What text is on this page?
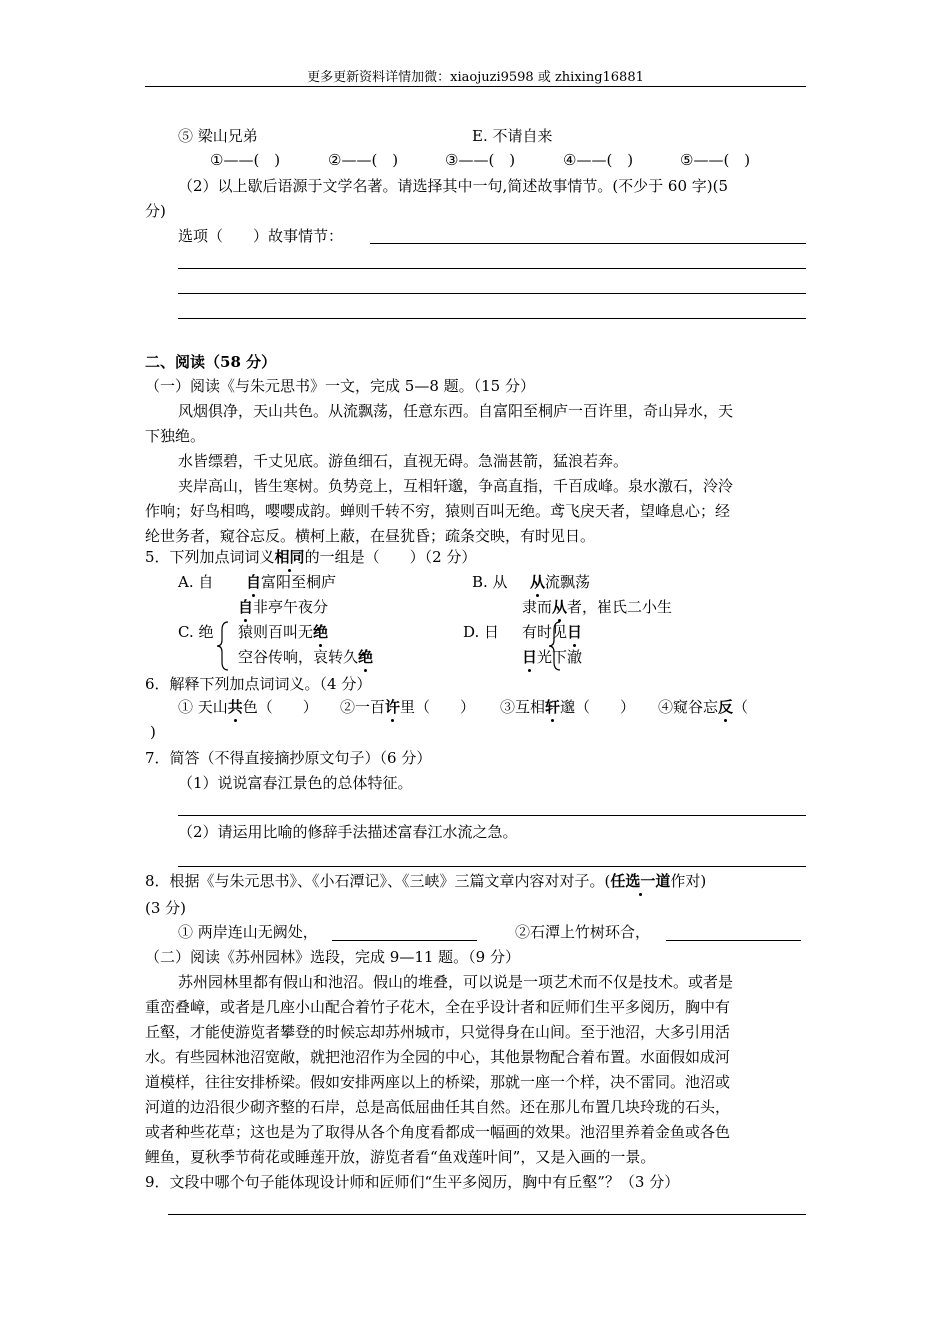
更多更新资料详情加微：xiaojuzi9598 或 zhixing16881
⑤ 梁山兄弟	E. 不请自来
①——(　)	②——(　)	③——(　)	④——(　)	⑤——(　)
（2）以上歇后语源于文学名著。请选择其中一句,简述故事情节。(不少于 60 字)(5
分)
选项（　　）故事情节：
二、阅读（58 分）
（一）阅读《与朱元思书》一文，完成 5—8 题。（15 分）
风烟俱净，天山共色。从流飘荡，任意东西。自富阳至桐庐一百许里，奇山异水，天
下独绝。
水皆缥碧，千丈见底。游鱼细石，直视无碍。急湍甚箭，猛浪若奔。
夹岸高山，皆生寒树。负势竞上，互相轩邈，争高直指，千百成峰。泉水激石，泠泠
作响；好鸟相鸣，嘤嘤成韵。蝉则千转不穷，猿则百叫无绝。鸢飞戾天者，望峰息心；经
纶世务者，窥谷忘反。横柯上蔽，在昼犹昏；疏条交映，有时见日。
5．下列加点词词义相同的一组是（　　）（2 分）
A. 自 自富阳至桐庐
自非亭午夜分
B. 从 从流飘荡
隶而从者，崔氏二小生
C. 绝 猿则百叫无绝
空谷传响，哀转久绝
D. 日 有时见日
日光下澈
6．解释下列加点词词义。（4 分）
① 天山共色（　　） ②一百许里（　　） ③互相轩邈（　　） ④窥谷忘反（
)
7．简答（不得直接摘抄原文句子）（6 分）
（1）说说富春江景色的总体特征。
（2）请运用比喻的修辞手法描述富春江水流之急。
8．根据《与朱元思书》、《小石潭记》、《三峡》三篇文章内容对对子。(任选一道作对)
(3 分)
① 两岸连山无阙处，	②石潭上竹树环合，
（二）阅读《苏州园林》选段，完成 9—11 题。（9 分）
苏州园林里都有假山和池沼。假山的堆叠，可以说是一项艺术而不仅是技术。或者是
重峦叠嶂，或者是几座小山配合着竹子花木，全在乎设计者和匠师们生平多阅历，胸中有
丘壑，才能使游览者攀登的时候忘却苏州城市，只觉得身在山间。至于池沼，大多引用活
水。有些园林池沼宽敞，就把池沼作为全园的中心，其他景物配合着布置。水面假如成河
道模样，往往安排桥梁。假如安排两座以上的桥梁，那就一座一个样，决不雷同。池沼或
河道的边沿很少砌齐整的石岸，总是高低屈曲任其自然。还在那儿布置几块玲珑的石头，
或者种些花草；这也是为了取得从各个角度看都成一幅画的效果。池沼里养着金鱼或各色
鲤鱼，夏秋季节荷花或睡莲开放，游览者看“鱼戏莲叶间”，又是入画的一景。
9．文段中哪个句子能体现设计师和匠师们“生平多阅历，胸中有丘壑”？（3 分）
